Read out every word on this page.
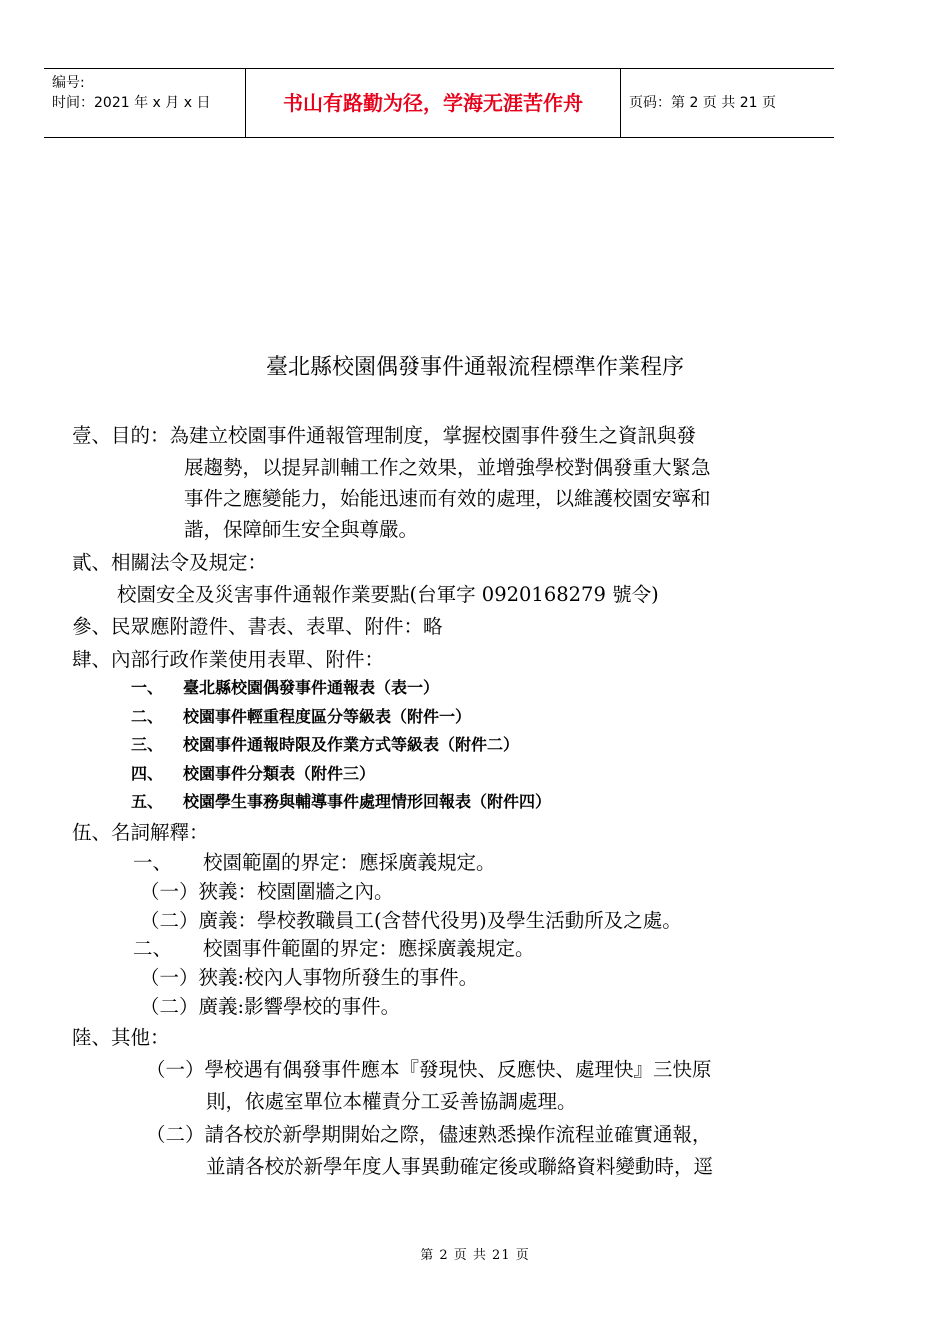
编号:
时间：2021 年 x 月 x 日	书山有路勤为径，学海无涯苦作舟	页码：第 2 页 共 21 页
臺北縣校園偶發事件通報流程標準作業程序
壹、目的：為建立校園事件通報管理制度，掌握校園事件發生之資訊與發
展趨勢，以提昇訓輔工作之效果，並增強學校對偶發重大緊急
事件之應變能力，始能迅速而有效的處理，以維護校園安寧和
諧，保障師生安全與尊嚴。
貳、相關法令及規定：
校園安全及災害事件通報作業要點(台軍字 0920168279 號令)
參、民眾應附證件、書表、表單、附件：略
肆、內部行政作業使用表單、附件：
一、 臺北縣校園偶發事件通報表（表一）
二、 校園事件輕重程度區分等級表（附件一）
三、 校園事件通報時限及作業方式等級表（附件二）
四、 校園事件分類表（附件三）
五、 校園學生事務與輔導事件處理情形回報表（附件四）
伍、名詞解釋：
一、 校園範圍的界定：應採廣義規定。
（一）狹義：校園圍牆之內。
（二）廣義：學校教職員工(含替代役男)及學生活動所及之處。
二、 校園事件範圍的界定：應採廣義規定。
（一）狹義:校內人事物所發生的事件。
（二）廣義:影響學校的事件。
陸、其他：
（一）學校遇有偶發事件應本『發現快、反應快、處理快』三快原
則，依處室單位本權責分工妥善協調處理。
（二）請各校於新學期開始之際，儘速熟悉操作流程並確實通報，
並請各校於新學年度人事異動確定後或聯絡資料變動時，逕
第 2 页 共 21 页
